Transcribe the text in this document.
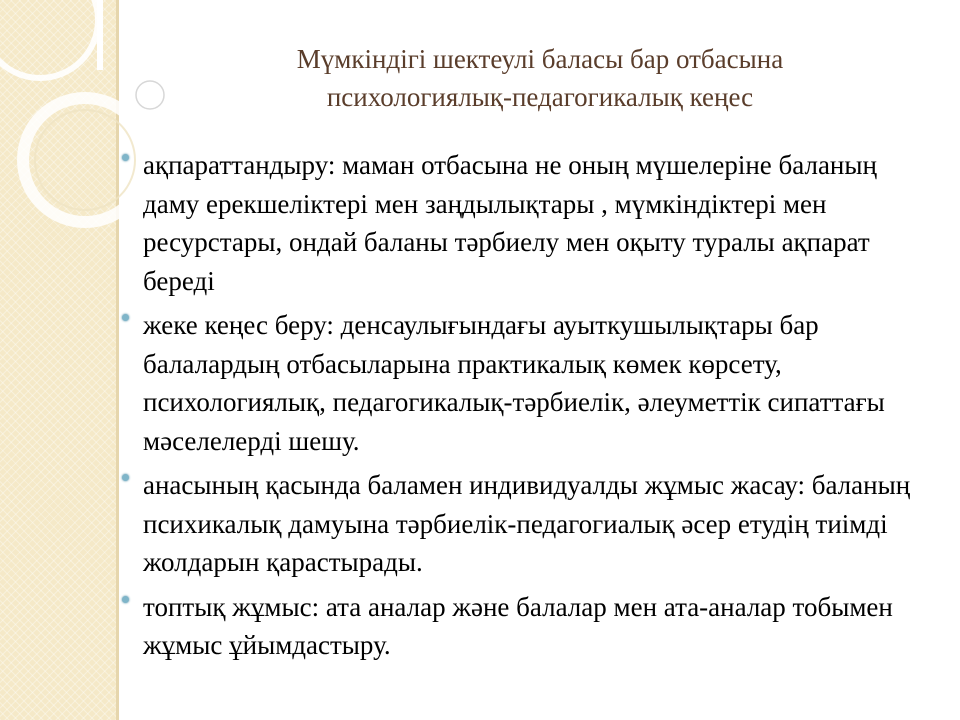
Мүмкіндігі шектеулі баласы бар отбасына
психологиялық-педагогикалық кеңес
ақпараттандыру: маман отбасына не оның мүшелеріне баланың даму ерекшеліктері мен заңдылықтары , мүмкіндіктері мен ресурстары, ондай баланы тәрбиелу мен оқыту туралы ақпарат береді
жеке кеңес беру: денсаулығындағы ауыткушылықтары бар балалардың отбасыларына практикалық көмек көрсету, психологиялық, педагогикалық-тәрбиелік, әлеуметтік сипаттағы мәселелерді шешу.
анасының қасында баламен индивидуалды жұмыс жасау: баланың психикалық дамуына тәрбиелік-педагогиалық әсер етудің тиімді жолдарын қарастырады.
топтық жұмыс: ата аналар және балалар мен ата-аналар тобымен жұмыс ұйымдастыру.
